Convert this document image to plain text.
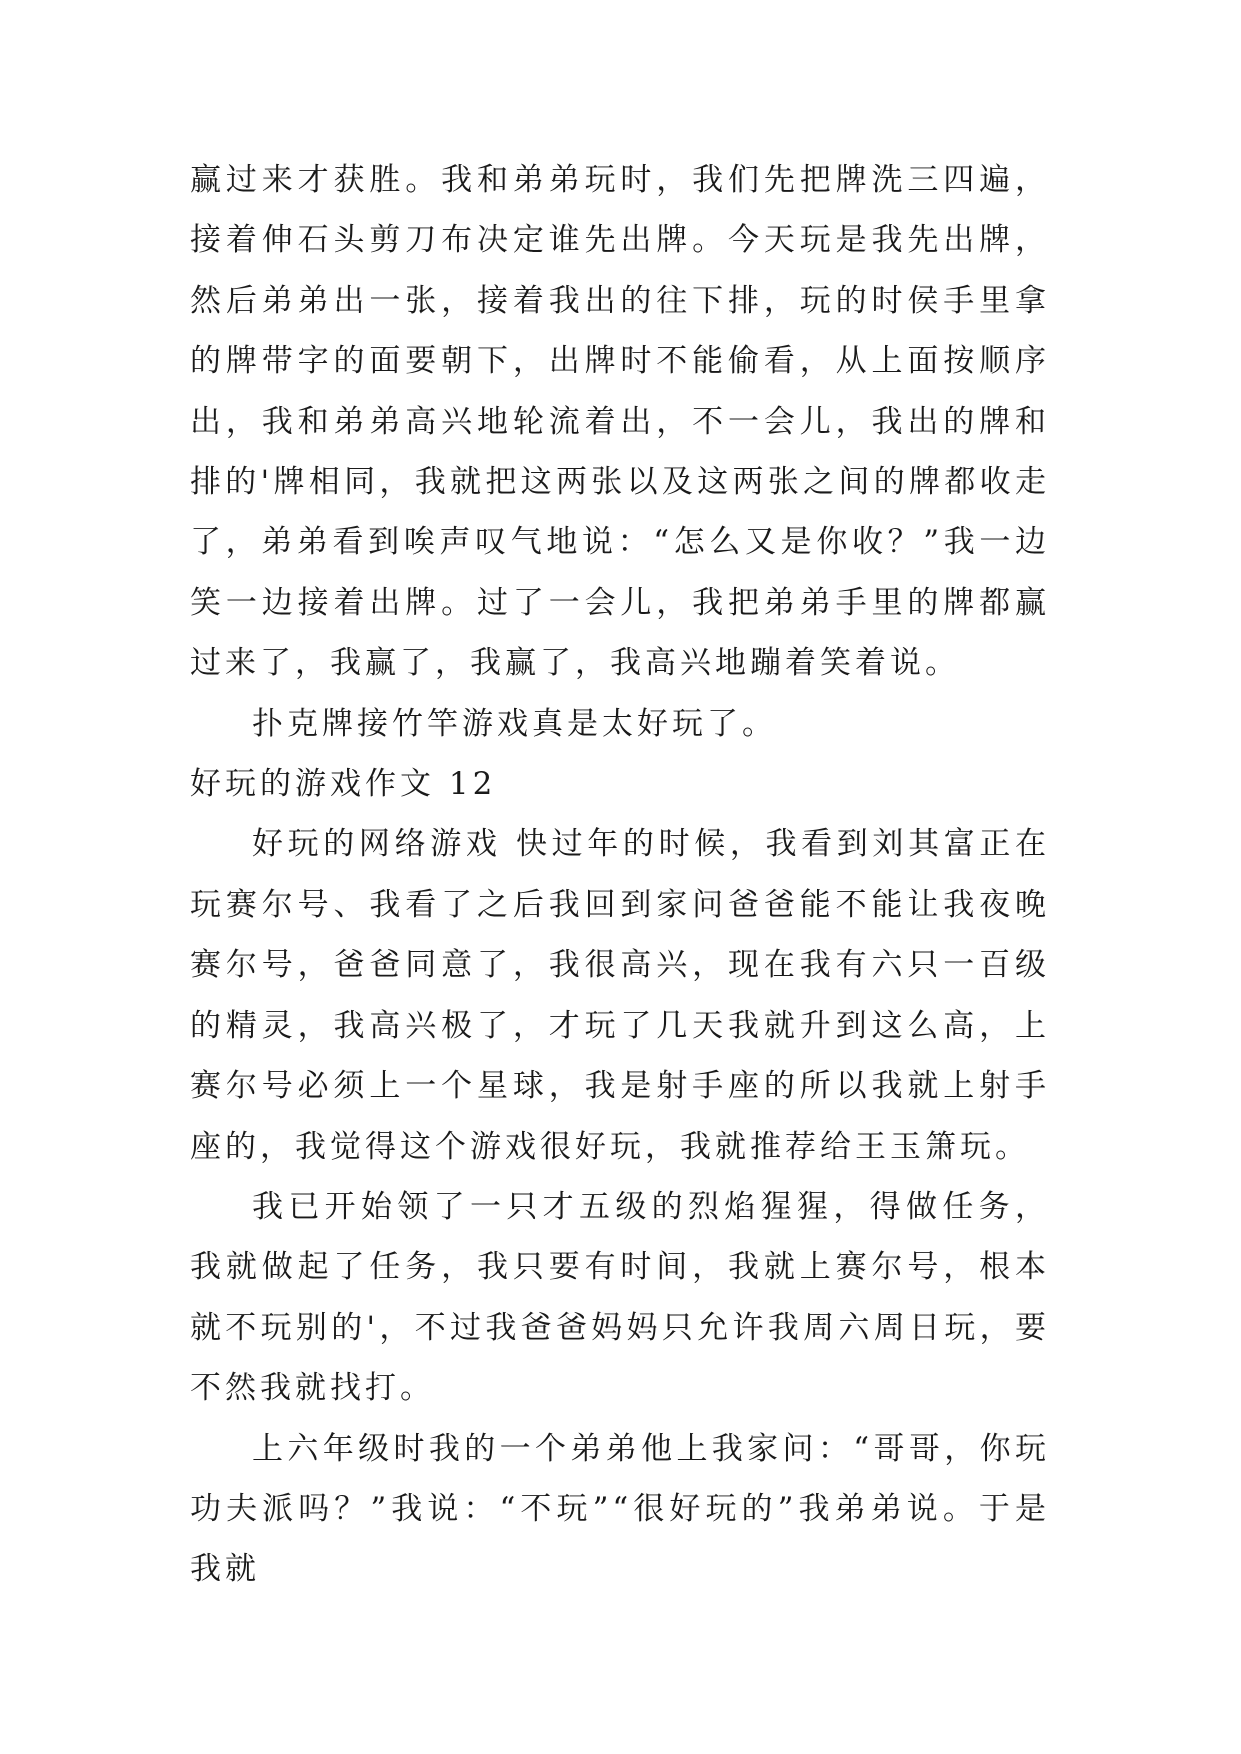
赢过来才获胜。我和弟弟玩时，我们先把牌洗三四遍，接着伸石头剪刀布决定谁先出牌。今天玩是我先出牌，然后弟弟出一张，接着我出的往下排，玩的时侯手里拿的牌带字的面要朝下，出牌时不能偷看，从上面按顺序出，我和弟弟高兴地轮流着出，不一会儿，我出的牌和排的'牌相同，我就把这两张以及这两张之间的牌都收走了，弟弟看到唉声叹气地说：“怎么又是你收？”我一边笑一边接着出牌。过了一会儿，我把弟弟手里的牌都赢过来了，我赢了，我赢了，我高兴地蹦着笑着说。

扑克牌接竹竿游戏真是太好玩了。

好玩的游戏作文 12

好玩的网络游戏 快过年的时候，我看到刘其富正在玩赛尔号、我看了之后我回到家问爸爸能不能让我夜晚赛尔号，爸爸同意了，我很高兴，现在我有六只一百级的精灵，我高兴极了，才玩了几天我就升到这么高，上赛尔号必须上一个星球，我是射手座的所以我就上射手座的，我觉得这个游戏很好玩，我就推荐给王玉箫玩。

我已开始领了一只才五级的烈焰猩猩，得做任务，我就做起了任务，我只要有时间，我就上赛尔号，根本就不玩别的'，不过我爸爸妈妈只允许我周六周日玩，要不然我就找打。

上六年级时我的一个弟弟他上我家问：“哥哥，你玩功夫派吗？”我说：“不玩”“很好玩的”我弟弟说。于是我就
